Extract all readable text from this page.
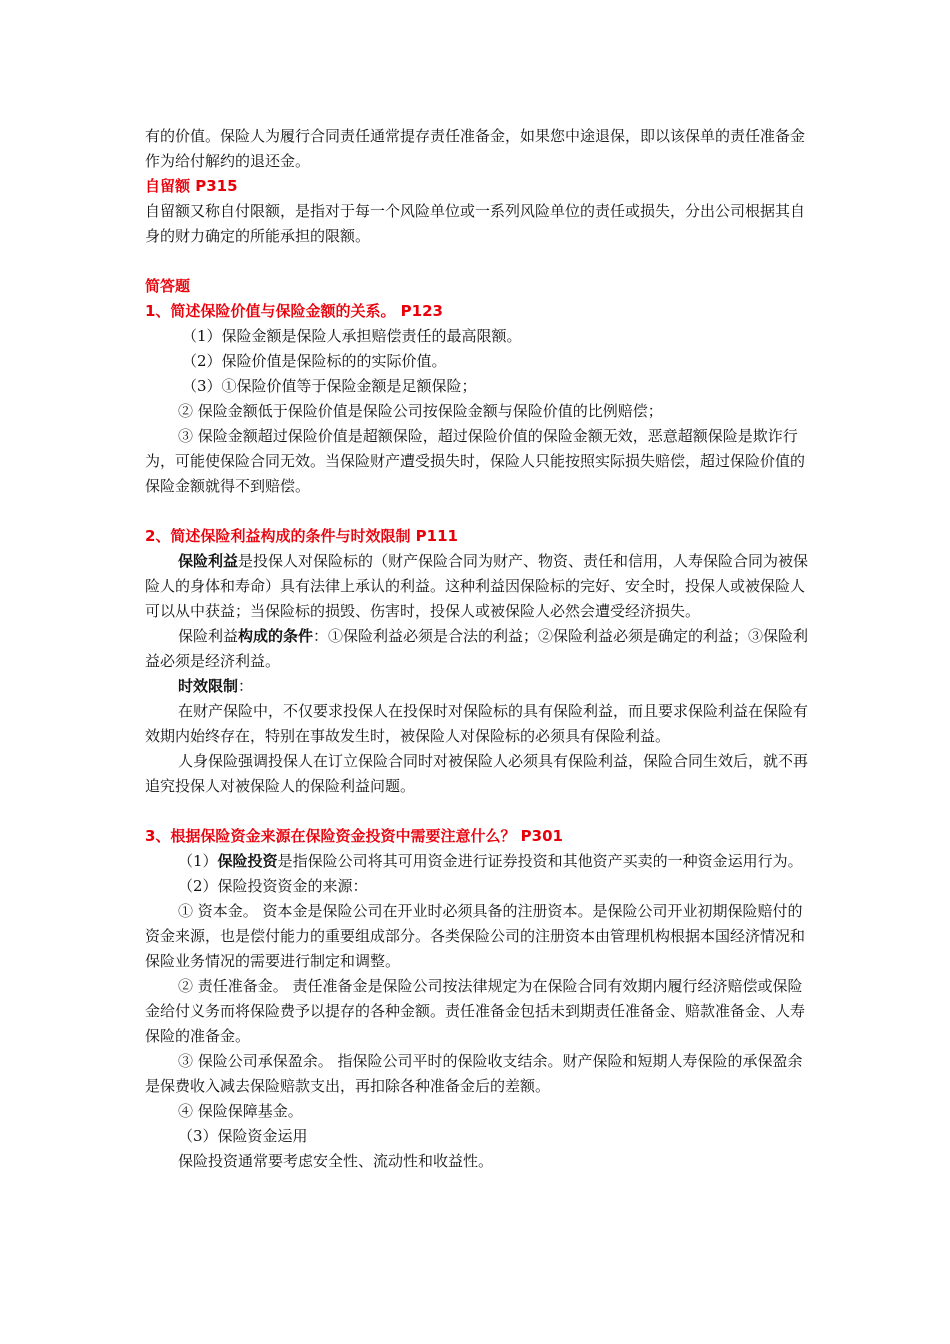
有的价值。保险人为履行合同责任通常提存责任准备金，如果您中途退保，即以该保单的责任准备金作为给付解约的退还金。

自留额 P315

自留额又称自付限额，是指对于每一个风险单位或一系列风险单位的责任或损失，分出公司根据其自身的财力确定的所能承担的限额。

简答题

1、简述保险价值与保险金额的关系。 P123

（1）保险金额是保险人承担赔偿责任的最高限额。

（2）保险价值是保险标的的实际价值。

（3）①保险价值等于保险金额是足额保险；

② 保险金额低于保险价值是保险公司按保险金额与保险价值的比例赔偿；

③ 保险金额超过保险价值是超额保险，超过保险价值的保险金额无效，恶意超额保险是欺诈行为，可能使保险合同无效。当保险财产遭受损失时，保险人只能按照实际损失赔偿，超过保险价值的保险金额就得不到赔偿。

2、简述保险利益构成的条件与时效限制 P111

保险利益是投保人对保险标的（财产保险合同为财产、物资、责任和信用，人寿保险合同为被保险人的身体和寿命）具有法律上承认的利益。这种利益因保险标的完好、安全时，投保人或被保险人可以从中获益；当保险标的损毁、伤害时，投保人或被保险人必然会遭受经济损失。

保险利益构成的条件：①保险利益必须是合法的利益；②保险利益必须是确定的利益；③保险利益必须是经济利益。

时效限制：

在财产保险中，不仅要求投保人在投保时对保险标的具有保险利益，而且要求保险利益在保险有效期内始终存在，特别在事故发生时，被保险人对保险标的必须具有保险利益。

人身保险强调投保人在订立保险合同时对被保险人必须具有保险利益，保险合同生效后，就不再追究投保人对被保险人的保险利益问题。

3、根据保险资金来源在保险资金投资中需要注意什么？ P301

（1）保险投资是指保险公司将其可用资金进行证券投资和其他资产买卖的一种资金运用行为。

（2）保险投资资金的来源：

① 资本金。 资本金是保险公司在开业时必须具备的注册资本。是保险公司开业初期保险赔付的资金来源，也是偿付能力的重要组成部分。各类保险公司的注册资本由管理机构根据本国经济情况和保险业务情况的需要进行制定和调整。

② 责任准备金。 责任准备金是保险公司按法律规定为在保险合同有效期内履行经济赔偿或保险金给付义务而将保险费予以提存的各种金额。责任准备金包括未到期责任准备金、赔款准备金、人寿保险的准备金。

③ 保险公司承保盈余。 指保险公司平时的保险收支结余。财产保险和短期人寿保险的承保盈余是保费收入减去保险赔款支出，再扣除各种准备金后的差额。

④ 保险保障基金。

（3）保险资金运用

保险投资通常要考虑安全性、流动性和收益性。
